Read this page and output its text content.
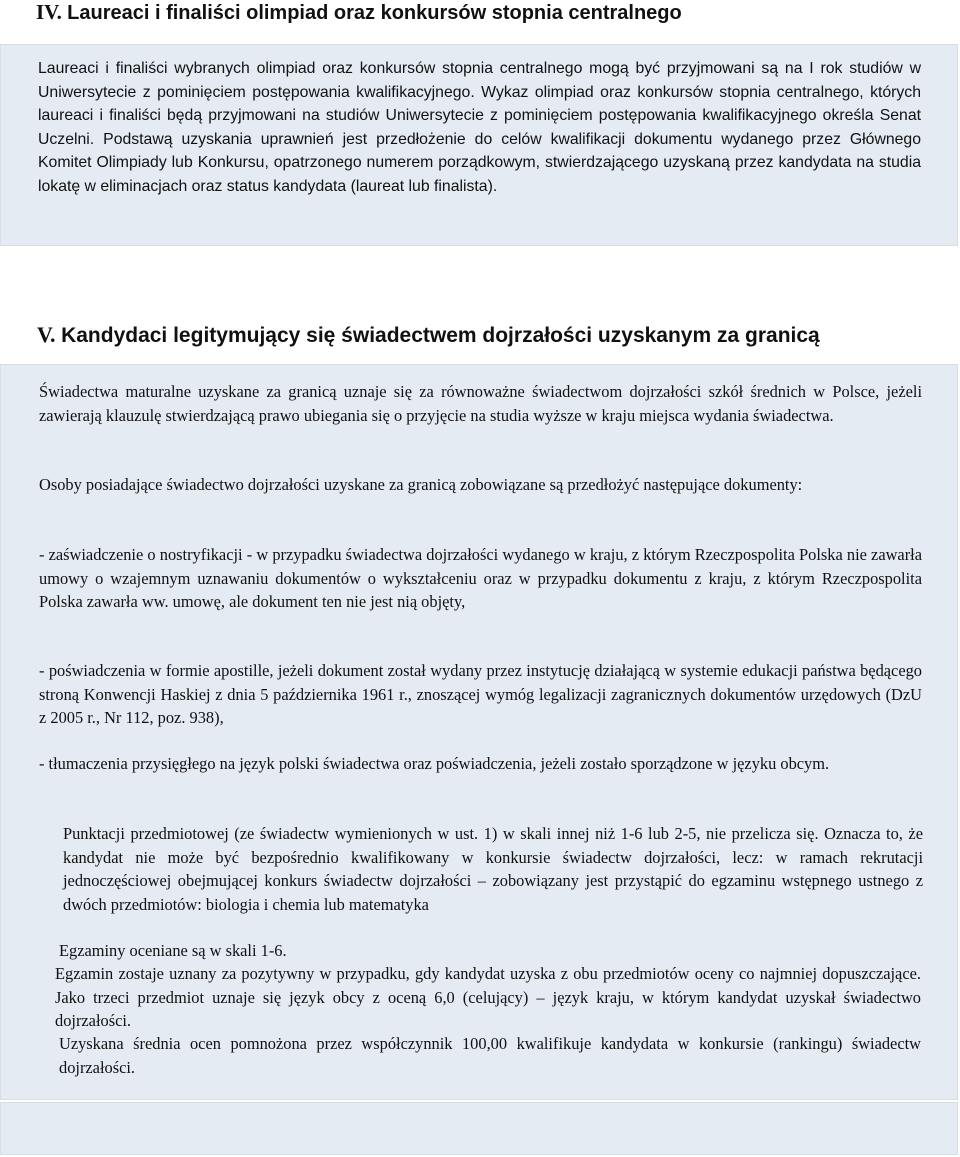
IV. Laureaci i finaliści olimpiad oraz konkursów stopnia centralnego

Laureaci i finaliści wybranych olimpiad oraz konkursów stopnia centralnego mogą być przyjmowani są na I rok studiów w Uniwersytecie z pominięciem postępowania kwalifikacyjnego. Wykaz olimpiad oraz konkursów stopnia centralnego, których laureaci i finaliści będą przyjmowani na studiów Uniwersytecie z pominięciem postępowania kwalifikacyjnego określa Senat Uczelni. Podstawą uzyskania uprawnień jest przedłożenie do celów kwalifikacji dokumentu wydanego przez Głównego Komitet Olimpiady lub Konkursu, opatrzonego numerem porządkowym, stwierdzającego uzyskaną przez kandydata na studia lokatę w eliminacjach oraz status kandydata (laureat lub finalista).

V. Kandydaci legitymujący się świadectwem dojrzałości uzyskanym za granicą

Świadectwa maturalne uzyskane za granicą uznaje się za równoważne świadectwom dojrzałości szkół średnich w Polsce, jeżeli zawierają klauzulę stwierdzającą prawo ubiegania się o przyjęcie na studia wyższe w kraju miejsca wydania świadectwa.

Osoby posiadające świadectwo dojrzałości uzyskane za granicą zobowiązane są przedłożyć następujące dokumenty:

- zaświadczenie o nostryfikacji - w przypadku świadectwa dojrzałości wydanego w kraju, z którym Rzeczpospolita Polska nie zawarła umowy o wzajemnym uznawaniu dokumentów o wykształceniu oraz w przypadku dokumentu z kraju, z którym Rzeczpospolita Polska zawarła ww. umowę, ale dokument ten nie jest nią objęty,

- poświadczenia w formie apostille, jeżeli dokument został wydany przez instytucję działającą w systemie edukacji państwa będącego stroną Konwencji Haskiej z dnia 5 października 1961 r., znoszącej wymóg legalizacji zagranicznych dokumentów urzędowych (DzU z 2005 r., Nr 112, poz. 938),

- tłumaczenia przysięgłego na język polski świadectwa oraz poświadczenia, jeżeli zostało sporządzone w języku obcym.

Punktacji przedmiotowej (ze świadectw wymienionych w ust. 1) w skali innej niż 1-6 lub 2-5, nie przelicza się. Oznacza to, że kandydat nie może być bezpośrednio kwalifikowany w konkursie świadectw dojrzałości, lecz: w ramach rekrutacji jednoczęściowej obejmującej konkurs świadectw dojrzałości – zobowiązany jest przystąpić do egzaminu wstępnego ustnego z dwóch przedmiotów: biologia i chemia lub matematyka

Egzaminy oceniane są w skali 1-6.

Egzamin zostaje uznany za pozytywny w przypadku, gdy kandydat uzyska z obu przedmiotów oceny co najmniej dopuszczające. Jako trzeci przedmiot uznaje się język obcy z oceną 6,0 (celujący) – język kraju, w którym kandydat uzyskał świadectwo dojrzałości.

Uzyskana średnia ocen pomnożona przez współczynnik 100,00 kwalifikuje kandydata w konkursie (rankingu) świadectw dojrzałości.
